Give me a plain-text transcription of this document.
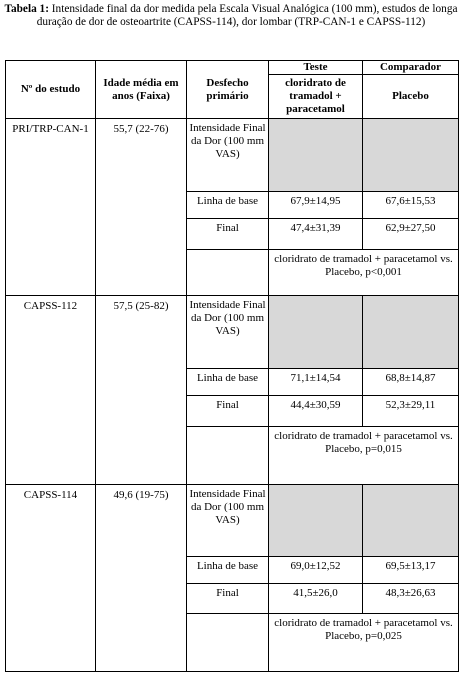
Tabela 1: Intensidade final da dor medida pela Escala Visual Analógica (100 mm), estudos de longa duração de dor de osteoartrite (CAPSS-114), dor lombar (TRP-CAN-1 e CAPSS-112)
Nº do estudo	Idade média em anos (Faixa)	Desfecho primário	Teste	Comparador
			cloridrato de tramadol + paracetamol	Placebo
PRI/TRP-CAN-1	55,7 (22-76)	Intensidade Final da Dor (100 mm VAS)		
		Linha de base	67,9±14,95	67,6±15,53
		Final	47,4±31,39	62,9±27,50
			cloridrato de tramadol + paracetamol vs. Placebo, p<0,001	
CAPSS-112	57,5 (25-82)	Intensidade Final da Dor (100 mm VAS)		
		Linha de base	71,1±14,54	68,8±14,87
		Final	44,4±30,59	52,3±29,11
			cloridrato de tramadol + paracetamol vs. Placebo, p=0,015	
CAPSS-114	49,6 (19-75)	Intensidade Final da Dor (100 mm VAS)		
		Linha de base	69,0±12,52	69,5±13,17
		Final	41,5±26,0	48,3±26,63
			cloridrato de tramadol + paracetamol vs. Placebo, p=0,025	
